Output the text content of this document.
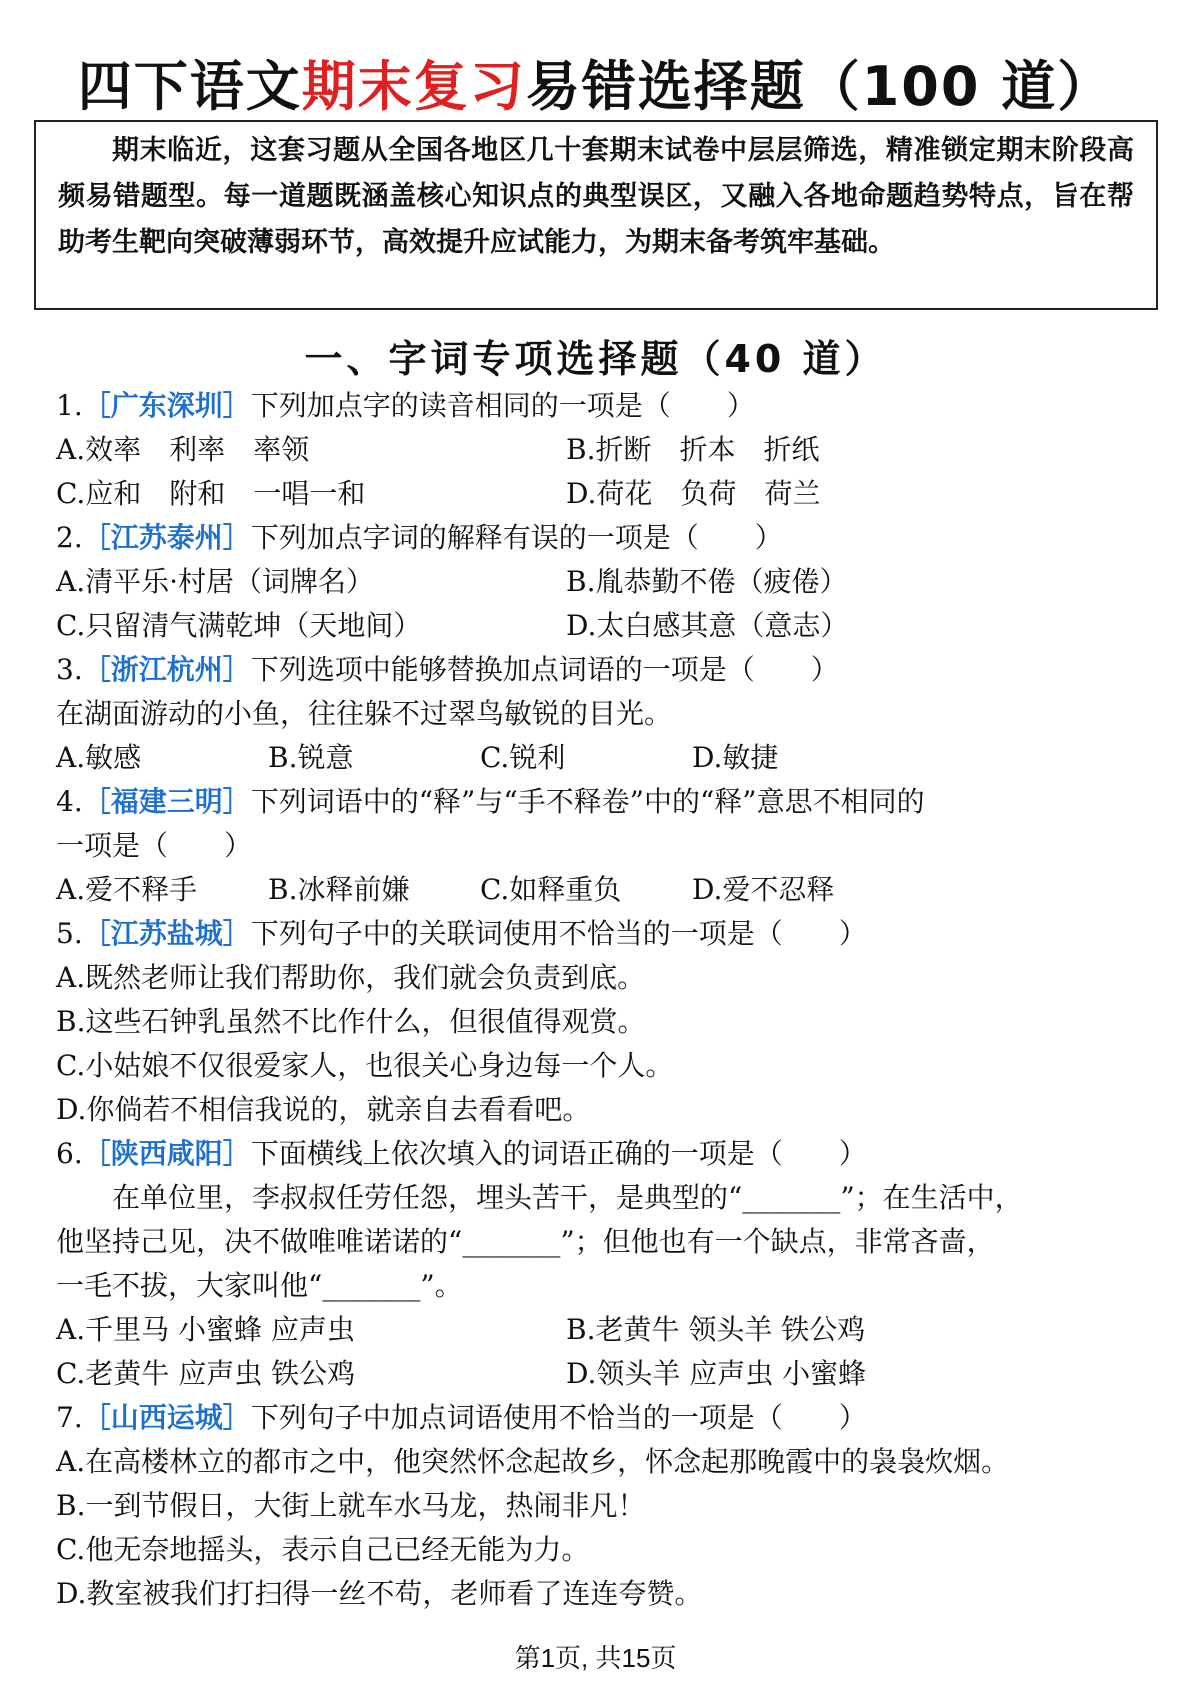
四下语文期末复习易错选择题（100 道）

期末临近，这套习题从全国各地区几十套期末试卷中层层筛选，精准锁定期末阶段高频易错题型。每一道题既涵盖核心知识点的典型误区，又融入各地命题趋势特点，旨在帮助考生靶向突破薄弱环节，高效提升应试能力，为期末备考筑牢基础。

一、字词专项选择题（40 道）
1.［广东深圳］下列加点字的读音相同的一项是（　　）
A.效率　利率　率领	B.折断　折本　折纸
C.应和　附和　一唱一和	D.荷花　负荷　荷兰
2.［江苏泰州］下列加点字词的解释有误的一项是（　　）
A.清平乐·村居（词牌名）	B.胤恭勤不倦（疲倦）
C.只留清气满乾坤（天地间）	D.太白感其意（意志）
3.［浙江杭州］下列选项中能够替换加点词语的一项是（　　）
在湖面游动的小鱼，往往躲不过翠鸟敏锐的目光。
A.敏感	B.锐意	C.锐利	D.敏捷
4.［福建三明］下列词语中的“释”与“手不释卷”中的“释”意思不相同的
一项是（　　）
A.爱不释手	B.冰释前嫌	C.如释重负	D.爱不忍释
5.［江苏盐城］下列句子中的关联词使用不恰当的一项是（　　）
A.既然老师让我们帮助你，我们就会负责到底。
B.这些石钟乳虽然不比作什么，但很值得观赏。
C.小姑娘不仅很爱家人，也很关心身边每一个人。
D.你倘若不相信我说的，就亲自去看看吧。
6.［陕西咸阳］下面横线上依次填入的词语正确的一项是（　　）
在单位里，李叔叔任劳任怨，埋头苦干，是典型的“_______”；在生活中，
他坚持己见，决不做唯唯诺诺的“_______”；但他也有一个缺点，非常吝啬，
一毛不拔，大家叫他“_______”。
A.千里马 小蜜蜂 应声虫	B.老黄牛 领头羊 铁公鸡
C.老黄牛 应声虫 铁公鸡	D.领头羊 应声虫 小蜜蜂
7.［山西运城］下列句子中加点词语使用不恰当的一项是（　　）
A.在高楼林立的都市之中，他突然怀念起故乡，怀念起那晚霞中的袅袅炊烟。
B.一到节假日，大街上就车水马龙，热闹非凡！
C.他无奈地摇头，表示自己已经无能为力。
D.教室被我们打扫得一丝不苟，老师看了连连夸赞。
第1页, 共15页
